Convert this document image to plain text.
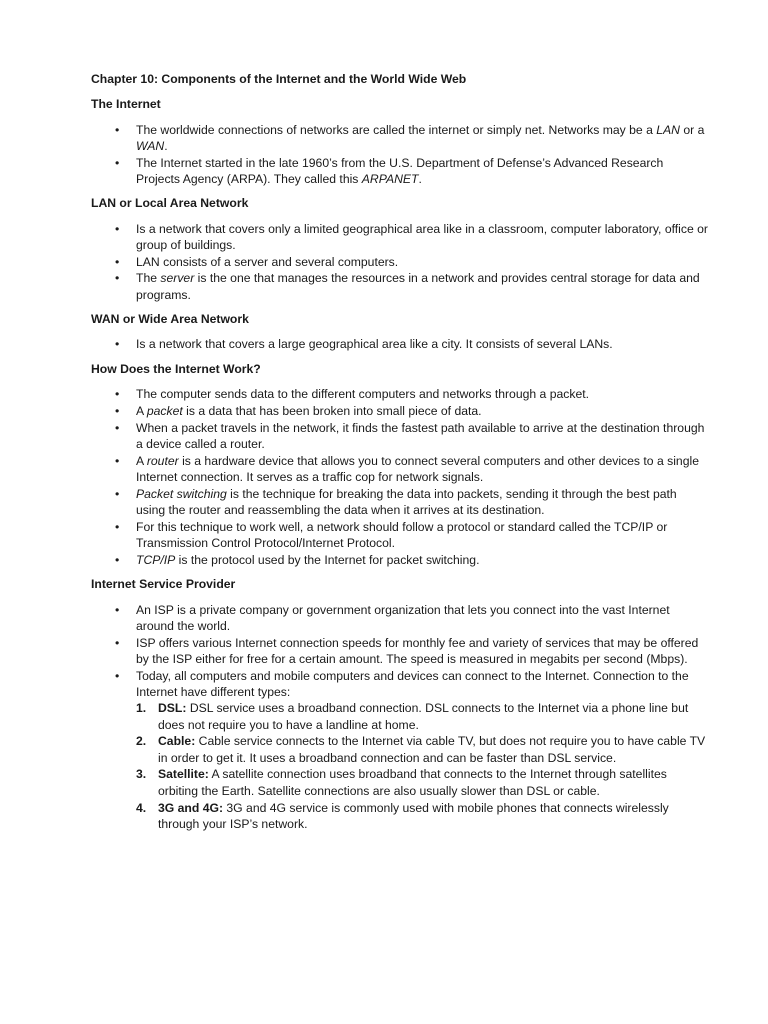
Chapter 10: Components of the Internet and the World Wide Web
The Internet
• The worldwide connections of networks are called the internet or simply net. Networks may be a LAN or a WAN.
• The Internet started in the late 1960’s from the U.S. Department of Defense’s Advanced Research Projects Agency (ARPA). They called this ARPANET.
LAN or Local Area Network
• Is a network that covers only a limited geographical area like in a classroom, computer laboratory, office or group of buildings.
• LAN consists of a server and several computers.
• The server is the one that manages the resources in a network and provides central storage for data and programs.
WAN or Wide Area Network
• Is a network that covers a large geographical area like a city. It consists of several LANs.
How Does the Internet Work?
• The computer sends data to the different computers and networks through a packet.
• A packet is a data that has been broken into small piece of data.
• When a packet travels in the network, it finds the fastest path available to arrive at the destination through a device called a router.
• A router is a hardware device that allows you to connect several computers and other devices to a single Internet connection. It serves as a traffic cop for network signals.
• Packet switching is the technique for breaking the data into packets, sending it through the best path using the router and reassembling the data when it arrives at its destination.
• For this technique to work well, a network should follow a protocol or standard called the TCP/IP or Transmission Control Protocol/Internet Protocol.
• TCP/IP is the protocol used by the Internet for packet switching.
Internet Service Provider
• An ISP is a private company or government organization that lets you connect into the vast Internet around the world.
• ISP offers various Internet connection speeds for monthly fee and variety of services that may be offered by the ISP either for free for a certain amount. The speed is measured in megabits per second (Mbps).
• Today, all computers and mobile computers and devices can connect to the Internet. Connection to the Internet have different types:
1. DSL: DSL service uses a broadband connection. DSL connects to the Internet via a phone line but does not require you to have a landline at home.
2. Cable: Cable service connects to the Internet via cable TV, but does not require you to have cable TV in order to get it. It uses a broadband connection and can be faster than DSL service.
3. Satellite: A satellite connection uses broadband that connects to the Internet through satellites orbiting the Earth. Satellite connections are also usually slower than DSL or cable.
4. 3G and 4G: 3G and 4G service is commonly used with mobile phones that connects wirelessly through your ISP’s network.
